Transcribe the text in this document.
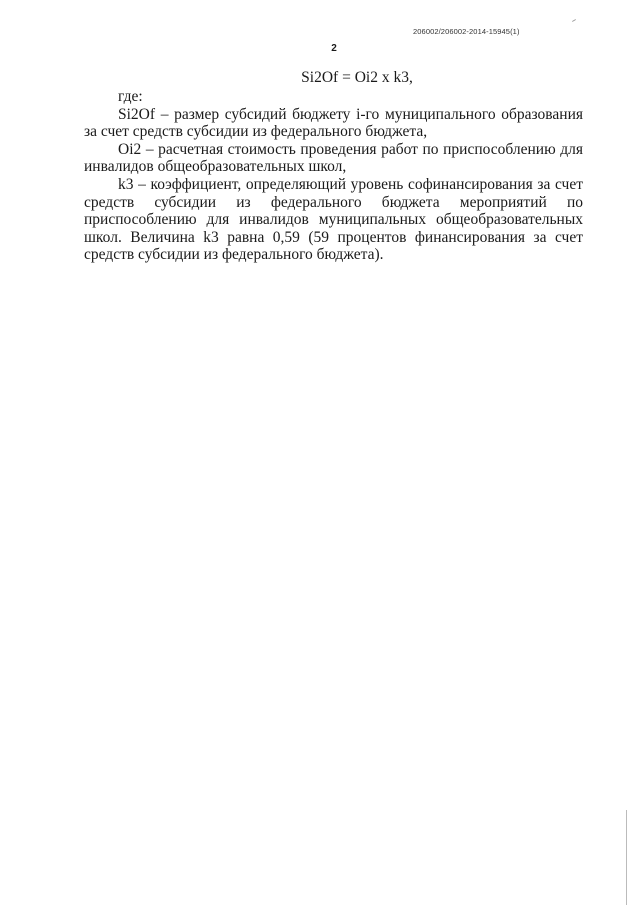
206002/206002-2014-15945(1)
2
Si2Of = Oi2 x k3,

где:

Si2Of – размер субсидий бюджету i-го муниципального образования за счет средств субсидии из федерального бюджета,

Oi2 – расчетная стоимость проведения работ по приспособлению для инвалидов общеобразовательных школ,

k3 – коэффициент, определяющий уровень софинансирования за счет средств субсидии из федерального бюджета мероприятий по приспособлению для инвалидов муниципальных общеобразовательных школ. Величина k3 равна 0,59 (59 процентов финансирования за счет средств субсидии из федерального бюджета).
